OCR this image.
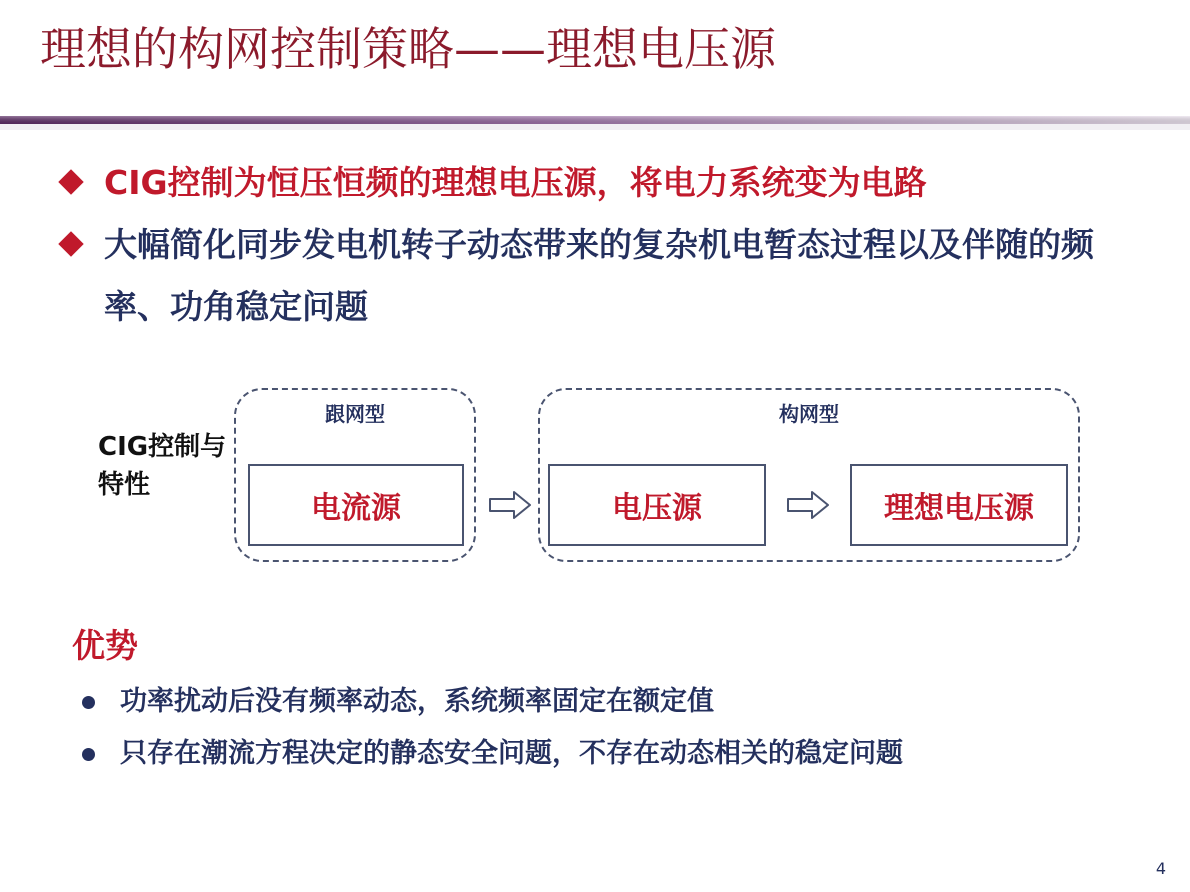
理想的构网控制策略——理想电压源
CIG控制为恒压恒频的理想电压源，将电力系统变为电路
大幅简化同步发电机转子动态带来的复杂机电暂态过程以及伴随的频率、功角稳定问题
CIG控制与特性
跟网型
电流源
构网型
电压源	理想电压源
优势
功率扰动后没有频率动态，系统频率固定在额定值
只存在潮流方程决定的静态安全问题，不存在动态相关的稳定问题
4
